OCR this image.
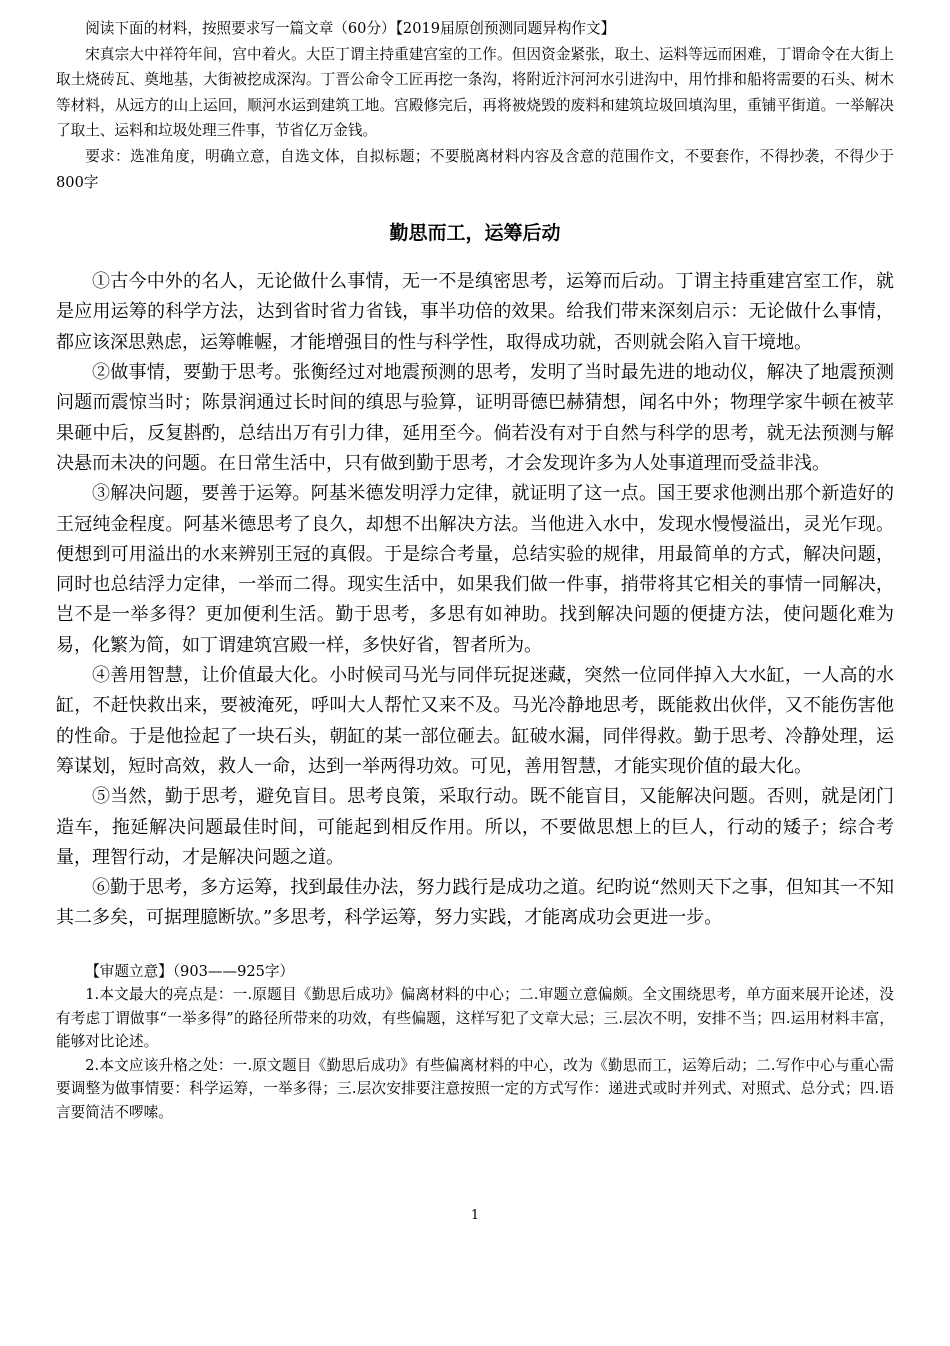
阅读下面的材料，按照要求写一篇文章（60分）【2019届原创预测同题异构作文】

宋真宗大中祥符年间，宫中着火。大臣丁谓主持重建宫室的工作。但因资金紧张，取土、运料等远而困难，丁谓命令在大街上取土烧砖瓦、奠地基，大街被挖成深沟。丁晋公命令工匠再挖一条沟，将附近汴河河水引进沟中，用竹排和船将需要的石头、树木等材料，从远方的山上运回，顺河水运到建筑工地。宫殿修完后，再将被烧毁的废料和建筑垃圾回填沟里，重铺平街道。一举解决了取土、运料和垃圾处理三件事，节省亿万金钱。

要求：选准角度，明确立意，自选文体，自拟标题；不要脱离材料内容及含意的范围作文，不要套作，不得抄袭，不得少于800字

勤思而工，运筹后动

①古今中外的名人，无论做什么事情，无一不是缜密思考，运筹而后动。丁谓主持重建宫室工作，就是应用运筹的科学方法，达到省时省力省钱，事半功倍的效果。给我们带来深刻启示：无论做什么事情，都应该深思熟虑，运筹帷幄，才能增强目的性与科学性，取得成功就，否则就会陷入盲干境地。

②做事情，要勤于思考。张衡经过对地震预测的思考，发明了当时最先进的地动仪，解决了地震预测问题而震惊当时；陈景润通过长时间的缜思与验算，证明哥德巴赫猜想，闻名中外；物理学家牛顿在被苹果砸中后，反复斟酌，总结出万有引力律，延用至今。倘若没有对于自然与科学的思考，就无法预测与解决悬而未决的问题。在日常生活中，只有做到勤于思考，才会发现许多为人处事道理而受益非浅。

③解决问题，要善于运筹。阿基米德发明浮力定律，就证明了这一点。国王要求他测出那个新造好的王冠纯金程度。阿基米德思考了良久，却想不出解决方法。当他进入水中，发现水慢慢溢出，灵光乍现。便想到可用溢出的水来辨别王冠的真假。于是综合考量，总结实验的规律，用最简单的方式，解决问题，同时也总结浮力定律，一举而二得。现实生活中，如果我们做一件事，捎带将其它相关的事情一同解决，岂不是一举多得？更加便利生活。勤于思考，多思有如神助。找到解决问题的便捷方法，使问题化难为易，化繁为简，如丁谓建筑宫殿一样，多快好省，智者所为。

④善用智慧，让价值最大化。小时候司马光与同伴玩捉迷藏，突然一位同伴掉入大水缸，一人高的水缸，不赶快救出来，要被淹死，呼叫大人帮忙又来不及。马光冷静地思考，既能救出伙伴，又不能伤害他的性命。于是他捡起了一块石头，朝缸的某一部位砸去。缸破水漏，同伴得救。勤于思考、冷静处理，运筹谋划，短时高效，救人一命，达到一举两得功效。可见，善用智慧，才能实现价值的最大化。

⑤当然，勤于思考，避免盲目。思考良策，采取行动。既不能盲目，又能解决问题。否则，就是闭门造车，拖延解决问题最佳时间，可能起到相反作用。所以，不要做思想上的巨人，行动的矮子；综合考量，理智行动，才是解决问题之道。

⑥勤于思考，多方运筹，找到最佳办法，努力践行是成功之道。纪昀说“然则天下之事，但知其一不知其二多矣，可据理臆断欤。”多思考，科学运筹，努力实践，才能离成功会更进一步。

【审题立意】（903——925字）

1.本文最大的亮点是：一.原题目《勤思后成功》偏离材料的中心；二.审题立意偏颇。全文围绕思考，单方面来展开论述，没有考虑丁谓做事“一举多得”的路径所带来的功效，有些偏题，这样写犯了文章大忌；三.层次不明，安排不当；四.运用材料丰富，能够对比论述。

2.本文应该升格之处：一.原文题目《勤思后成功》有些偏离材料的中心，改为《勤思而工，运筹后动；二.写作中心与重心需要调整为做事情要：科学运筹，一举多得；三.层次安排要注意按照一定的方式写作：递进式或时并列式、对照式、总分式；四.语言要简洁不啰嗦。

1
